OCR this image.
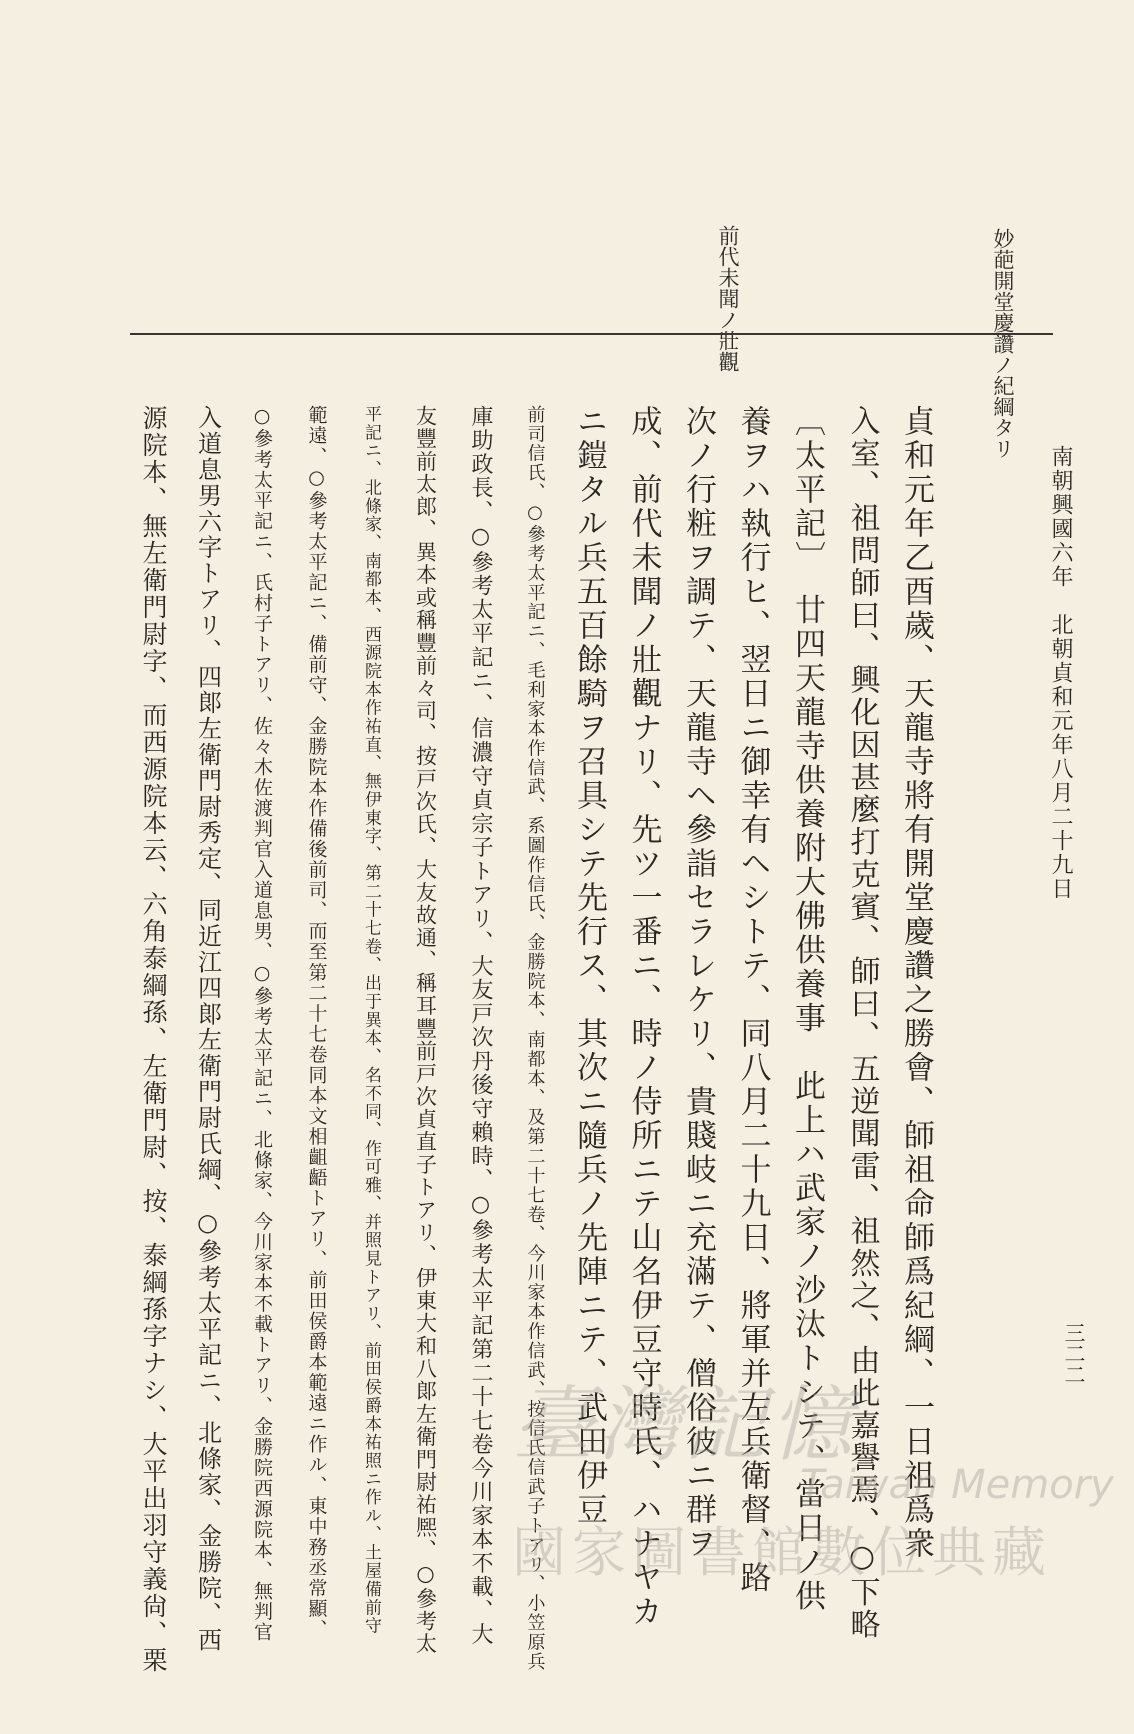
妙葩開堂慶讚ノ紀綱タリ
前代未聞ノ壯觀
南朝興國六年　北朝貞和元年八月二十九日
三二二
貞和元年乙酉歲、天龍寺將有開堂慶讚之勝會、師祖命師爲紀綱、一日祖爲衆
入室、祖問師曰、興化因甚麼打克賓、師曰、五逆聞雷、祖然之、由此嘉譽焉、○下略
〔太平記〕　廿四天龍寺供養附大佛供養事　此上ハ武家ノ沙汰トシテ、當日ノ供
養ヲハ執行ヒ、翌日ニ御幸有ヘシトテ、同八月二十九日、將軍并左兵衛督、路
次ノ行粧ヲ調テ、天龍寺ヘ參詣セラレケリ、貴賤岐ニ充滿テ、僧俗彼ニ群ヲ
成、前代未聞ノ壯觀ナリ、先ツ一番ニ、時ノ侍所ニテ山名伊豆守時氏、ハナヤカ
ニ鎧タル兵五百餘騎ヲ召具シテ先行ス、其次ニ隨兵ノ先陣ニテ、武田伊豆
前司信氏、○參考太平記ニ、毛利家本作信武、系圖作信氏、金勝院本、南都本、及第二十七卷、今川家本作信武、按信氏信武子トアリ、小笠原兵
庫助政長、○參考太平記ニ、信濃守貞宗子トアリ、大友戸次丹後守賴時、○參考太平記第二十七卷今川家本不載、大
友豐前太郎、異本或稱豐前々司、按戸次氏、大友故通、稱耳豐前戸次貞直子トアリ、伊東大和八郞左衛門尉祐熈、○參考太
平記ニ、北條家、南都本、西源院本作祐直、無伊東字、第二十七卷、出于異本、名不同、作可雅、并照見トアリ、前田侯爵本祐照ニ作ル、土屋備前守
範遠、○參考太平記ニ、備前守、金勝院本作備後前司、而至第二十七卷同本文相齟齬トアリ、前田侯爵本範遠ニ作ル、東中務丞常顯、
○參考太平記ニ、氏村子トアリ、佐々木佐渡判官入道息男、○參考太平記ニ、北條家、今川家本不載トアリ、金勝院西源院本、無判官
入道息男六字トアリ、四郞左衛門尉秀定、同近江四郞左衛門尉氏綱、○參考太平記ニ、北條家、金勝院、西
源院本、無左衛門尉字、而西源院本云、六角泰綱孫、左衛門尉、按、泰綱孫字ナシ、大平出羽守義尙、栗	臺灣記憶
Taiwan Memory
國家圖書館數位典藏
